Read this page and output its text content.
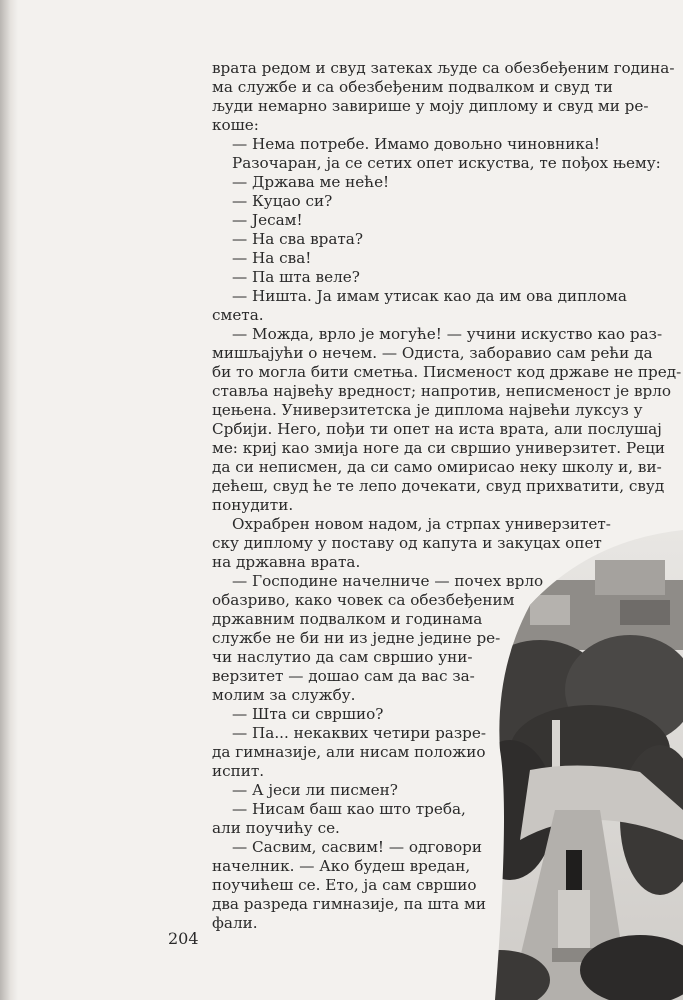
врата редом и свуд затеках људе са обезбеђеним година-
ма службе и са обезбеђеним подвалком и свуд ти
људи немарно завирише у моју диплому и свуд ми ре-
коше:
— Нема потребе. Имамо довољно чиновника!
Разочаран, ја се сетих опет искуства, те пођох њему:
— Држава ме неће!
— Куцао си?
— Јесам!
— На сва врата?
— На сва!
— Па шта веле?
— Ништа. Ја имам утисак као да им ова диплома
смета.
— Можда, врло је могуће! — учини искуство као раз-
мишљајући о нечем. — Одиста, заборавио сам рећи да
би то могла бити сметња. Писменост код државе не пред-
ставља највећу вредност; напротив, неписменост је врло
цењена. Универзитетска је диплома највећи луксуз у
Србији. Него, пођи ти опет на иста врата, али послушај
ме: криј као змија ноге да си свршио универзитет. Реци
да си неписмен, да си само омирисао неку школу и, ви-
дећеш, свуд ће те лепо дочекати, свуд прихватити, свуд
понудити.
Охрабрен новом надом, ја стрпах универзитет-
ску диплому у поставу од капута и закуцах опет
на државна врата.
— Господине начелниче — почех врло
обазриво, како човек са обезбеђеним
државним подвалком и годинама
службе не би ни из једне једине ре-
чи наслутио да сам свршио уни-
верзитет — дошао сам да вас за-
молим за службу.
— Шта си свршио?
— Па... некаквих четири разре-
да гимназије, али нисам положио
испит.
— А јеси ли писмен?
— Нисам баш као што треба,
али поучићу се.
— Сасвим, сасвим! — одговори
начелник. — Ако будеш вредан,
поучићеш се. Ето, ја сам свршио
два разреда гимназије, па шта ми
фали.
204
